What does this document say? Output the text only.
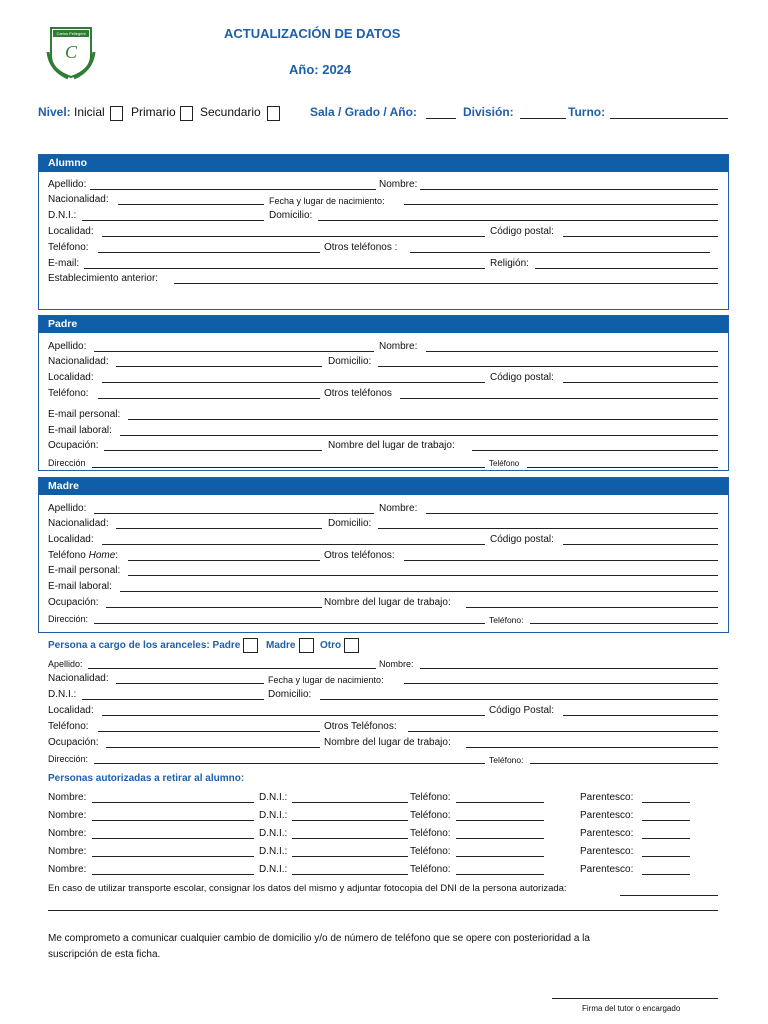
C
Carlos Pellegrini	ACTUALIZACIÓN DE DATOS
Año: 2024
Nivel: Inicial Primario Secundario	Sala / Grado / Año:	División:	Turno:
Alumno
Apellido:	Nombre:
Nacionalidad:	Fecha y lugar de nacimiento:
D.N.I.:	Domicilio:
Localidad:	Código postal:
Teléfono:	Otros teléfonos :
E-mail:	Religión:
Establecimiento anterior:
Padre
Apellido:	Nombre:
Nacionalidad:	Domicilio:
Localidad:	Código postal:
Teléfono:	Otros teléfonos
E-mail personal:
E-mail laboral:
Ocupación:	Nombre del lugar de trabajo:
Dirección	Teléfono
Madre
Apellido:	Nombre:
Nacionalidad:	Domicilio:
Localidad:	Código postal:
Teléfono Home:	Otros teléfonos:
E-mail personal:
E-mail laboral:
Ocupación:	Nombre del lugar de trabajo:
Dirección:	Teléfono:
Persona a cargo de los aranceles: Padre	Madre Otro
Apellido:	Nombre:
Nacionalidad:	Fecha y lugar de nacimiento:
D.N.I.:	Domicilio:
Localidad:	Código Postal:
Teléfono:	Otros Teléfonos:
Ocupación:	Nombre del lugar de trabajo:
Dirección:	Teléfono:
Personas autorizadas a retirar al alumno:
Nombre:	D.N.I.:	Teléfono:	Parentesco:
Nombre:	D.N.I.:	Teléfono:	Parentesco:
Nombre:	D.N.I.:	Teléfono:	Parentesco:
Nombre:	D.N.I.:	Teléfono:	Parentesco:
Nombre:	D.N.I.:	Teléfono:	Parentesco:
En caso de utilizar transporte escolar, consignar los datos del mismo y adjuntar fotocopia del DNI de la persona autorizada:
Me comprometo a comunicar cualquier cambio de domicilio y/o de número de teléfono que se opere con posterioridad a la
suscripción de esta ficha.
Firma del tutor o encargado
